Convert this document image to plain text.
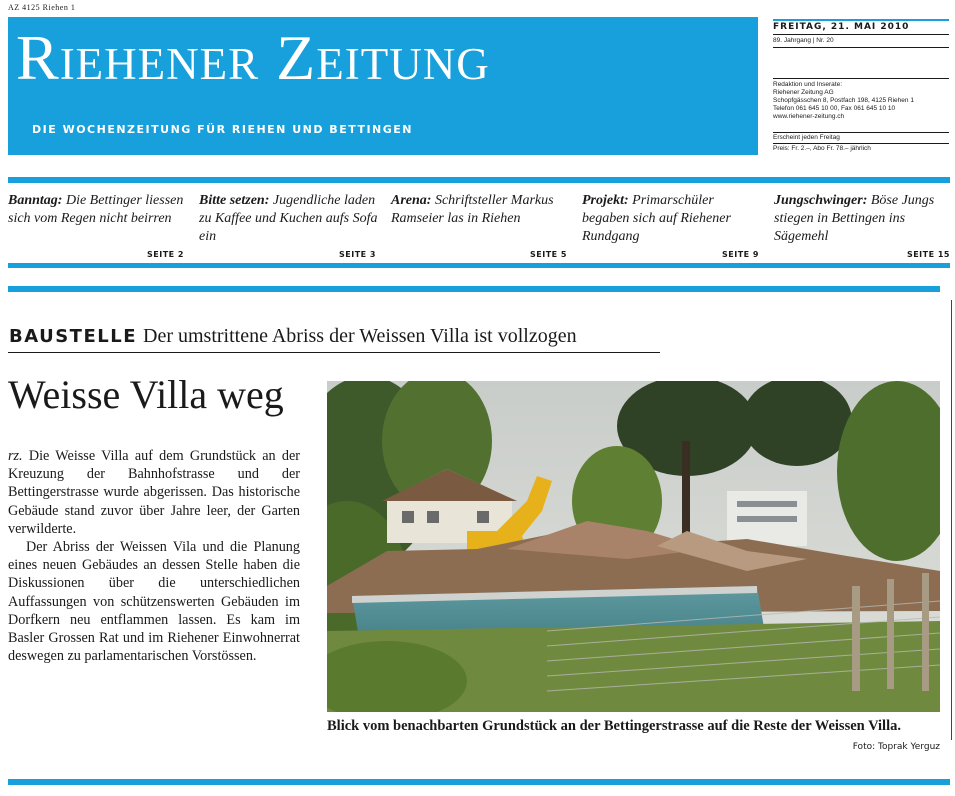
AZ 4125 Riehen 1
Riehener Zeitung
DIE WOCHENZEITUNG FÜR RIEHEN UND BETTINGEN
FREITAG, 21. MAI 2010
89. Jahrgang | Nr. 20
Redaktion und Inserate:
Riehener Zeitung AG
Schopfgässchen 8, Postfach 198, 4125 Riehen 1
Telefon 061 645 10 00, Fax 061 645 10 10
www.riehener-zeitung.ch
Erscheint jeden Freitag
Preis: Fr. 2.–, Abo Fr. 78.– jährlich
Banntag: Die Bettinger liessen sich vom Regen nicht beirren
SEITE 2
Bitte setzen: Jugendliche laden zu Kaffee und Kuchen aufs Sofa ein
SEITE 3
Arena: Schriftsteller Markus Ramseier las in Riehen
SEITE 5
Projekt: Primarschüler begaben sich auf Riehener Rundgang
SEITE 9
Jungschwinger: Böse Jungs stiegen in Bettingen ins Sägemehl
SEITE 15
BAUSTELLE Der umstrittene Abriss der Weissen Villa ist vollzogen
Weisse Villa weg

rz. Die Weisse Villa auf dem Grundstück an der Kreuzung der Bahnhofstrasse und der Bettingerstrasse wurde abgerissen. Das historische Gebäude stand zuvor über Jahre leer, der Garten verwilderte.

Der Abriss der Weissen Vila und die Planung eines neuen Gebäudes an dessen Stelle haben die Diskussionen über die unterschiedlichen Auffassungen von schützenswerten Gebäuden im Dorfkern neu entflammen lassen. Es kam im Basler Grossen Rat und im Riehener Einwohnerrat deswegen zu parlamentarischen Vorstössen.

Blick vom benachbarten Grundstück an der Bettingerstrasse auf die Reste der Weissen Villa.
Foto: Toprak Yerguz
